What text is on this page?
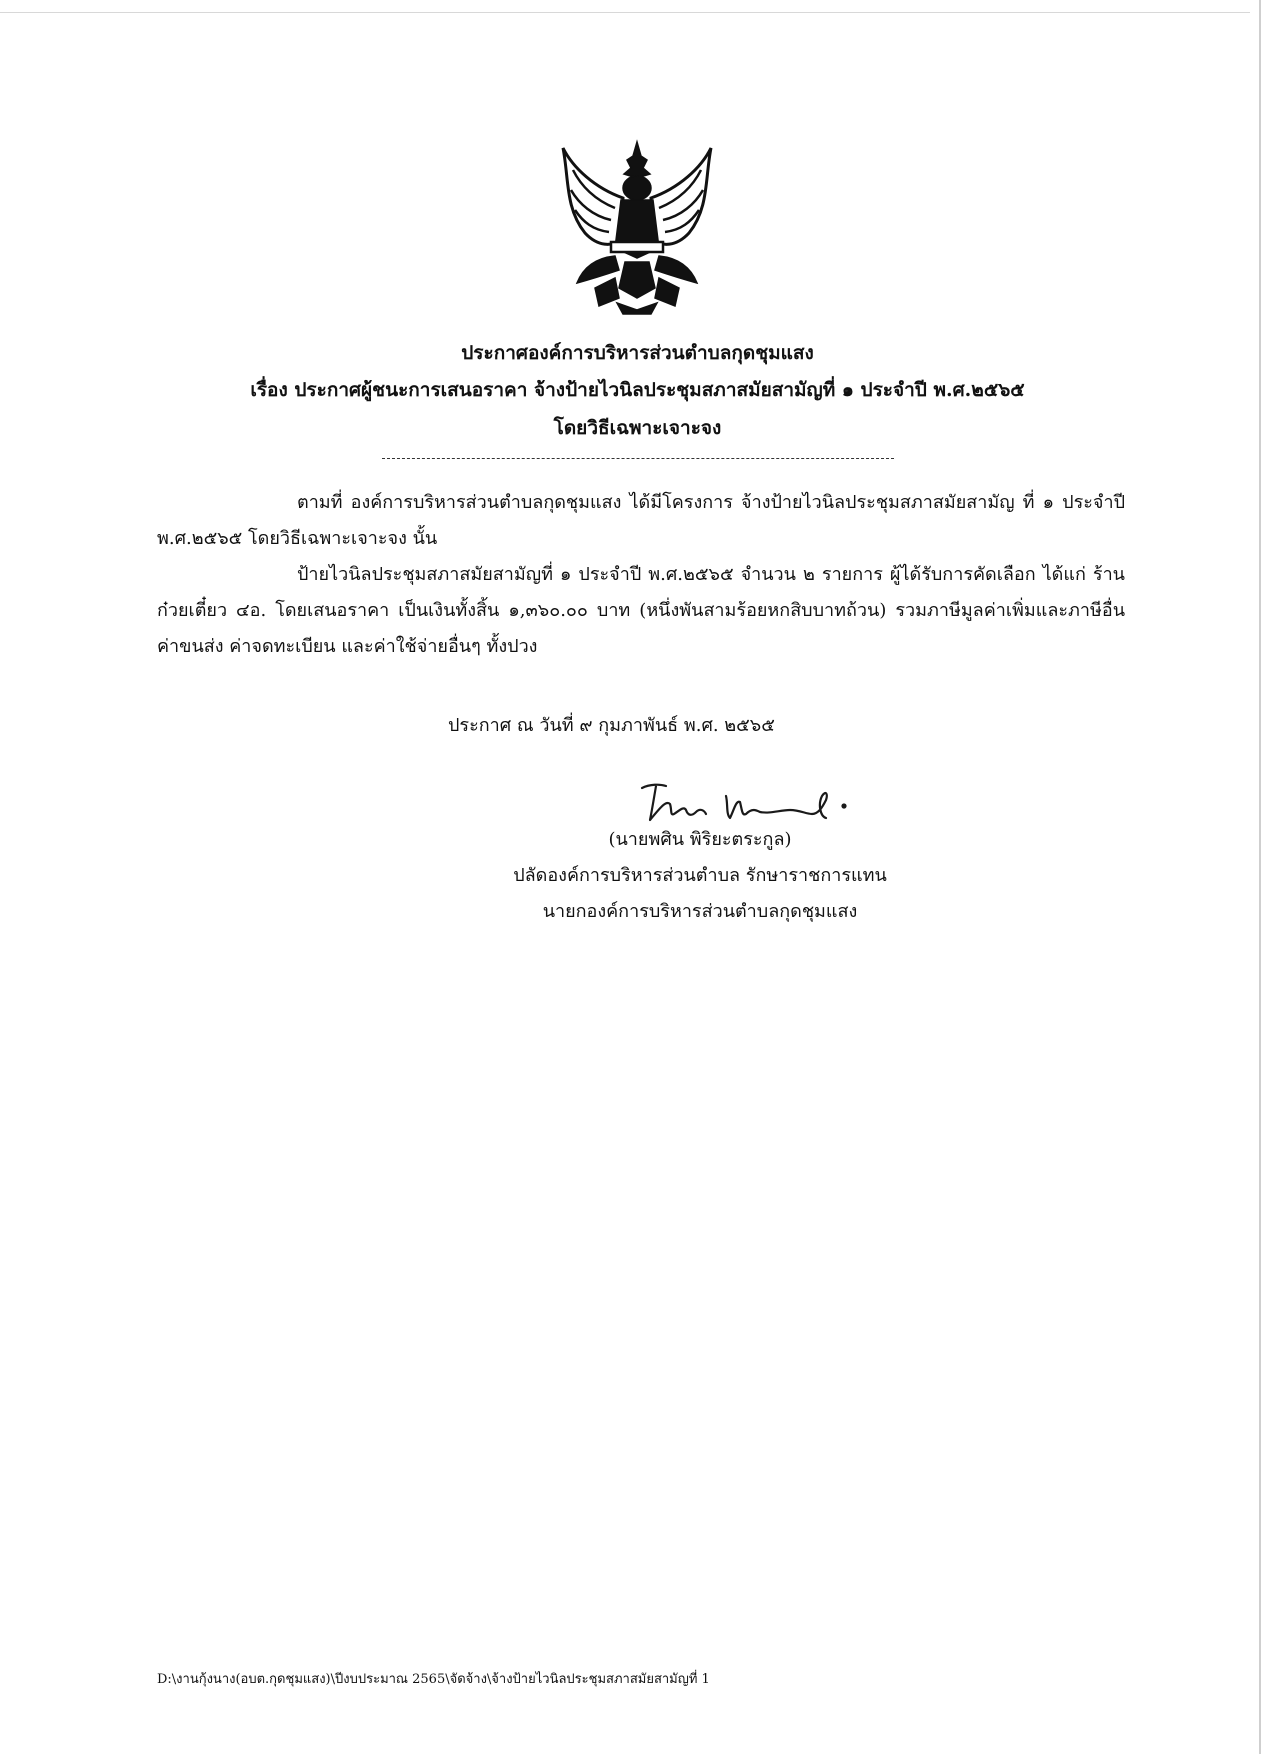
ประกาศองค์การบริหารส่วนตำบลกุดชุมแสง
เรื่อง ประกาศผู้ชนะการเสนอราคา จ้างป้ายไวนิลประชุมสภาสมัยสามัญที่ ๑ ประจำปี พ.ศ.๒๕๖๕
โดยวิธีเฉพาะเจาะจง
ตามที่ องค์การบริหารส่วนตำบลกุดชุมแสง ได้มีโครงการ จ้างป้ายไวนิลประชุมสภาสมัยสามัญ ที่ ๑ ประจำปี พ.ศ.๒๕๖๕ โดยวิธีเฉพาะเจาะจง นั้น
ป้ายไวนิลประชุมสภาสมัยสามัญที่ ๑ ประจำปี พ.ศ.๒๕๖๕ จำนวน ๒ รายการ ผู้ได้รับการคัดเลือก ได้แก่ ร้านก๋วยเตี๋ยว ๔อ. โดยเสนอราคา เป็นเงินทั้งสิ้น ๑,๓๖๐.๐๐ บาท (หนึ่งพันสามร้อยหกสิบบาทถ้วน) รวมภาษีมูลค่าเพิ่มและภาษีอื่น ค่าขนส่ง ค่าจดทะเบียน และค่าใช้จ่ายอื่นๆ ทั้งปวง
ประกาศ ณ วันที่ ๙ กุมภาพันธ์ พ.ศ. ๒๕๖๕
(นายพศิน พิริยะตระกูล)
ปลัดองค์การบริหารส่วนตำบล รักษาราชการแทน
นายกองค์การบริหารส่วนตำบลกุดชุมแสง
D:\งานกุ้งนาง(อบต.กุดชุมแสง)\ปีงบประมาณ 2565\จัดจ้าง\จ้างป้ายไวนิลประชุมสภาสมัยสามัญที่ 1
